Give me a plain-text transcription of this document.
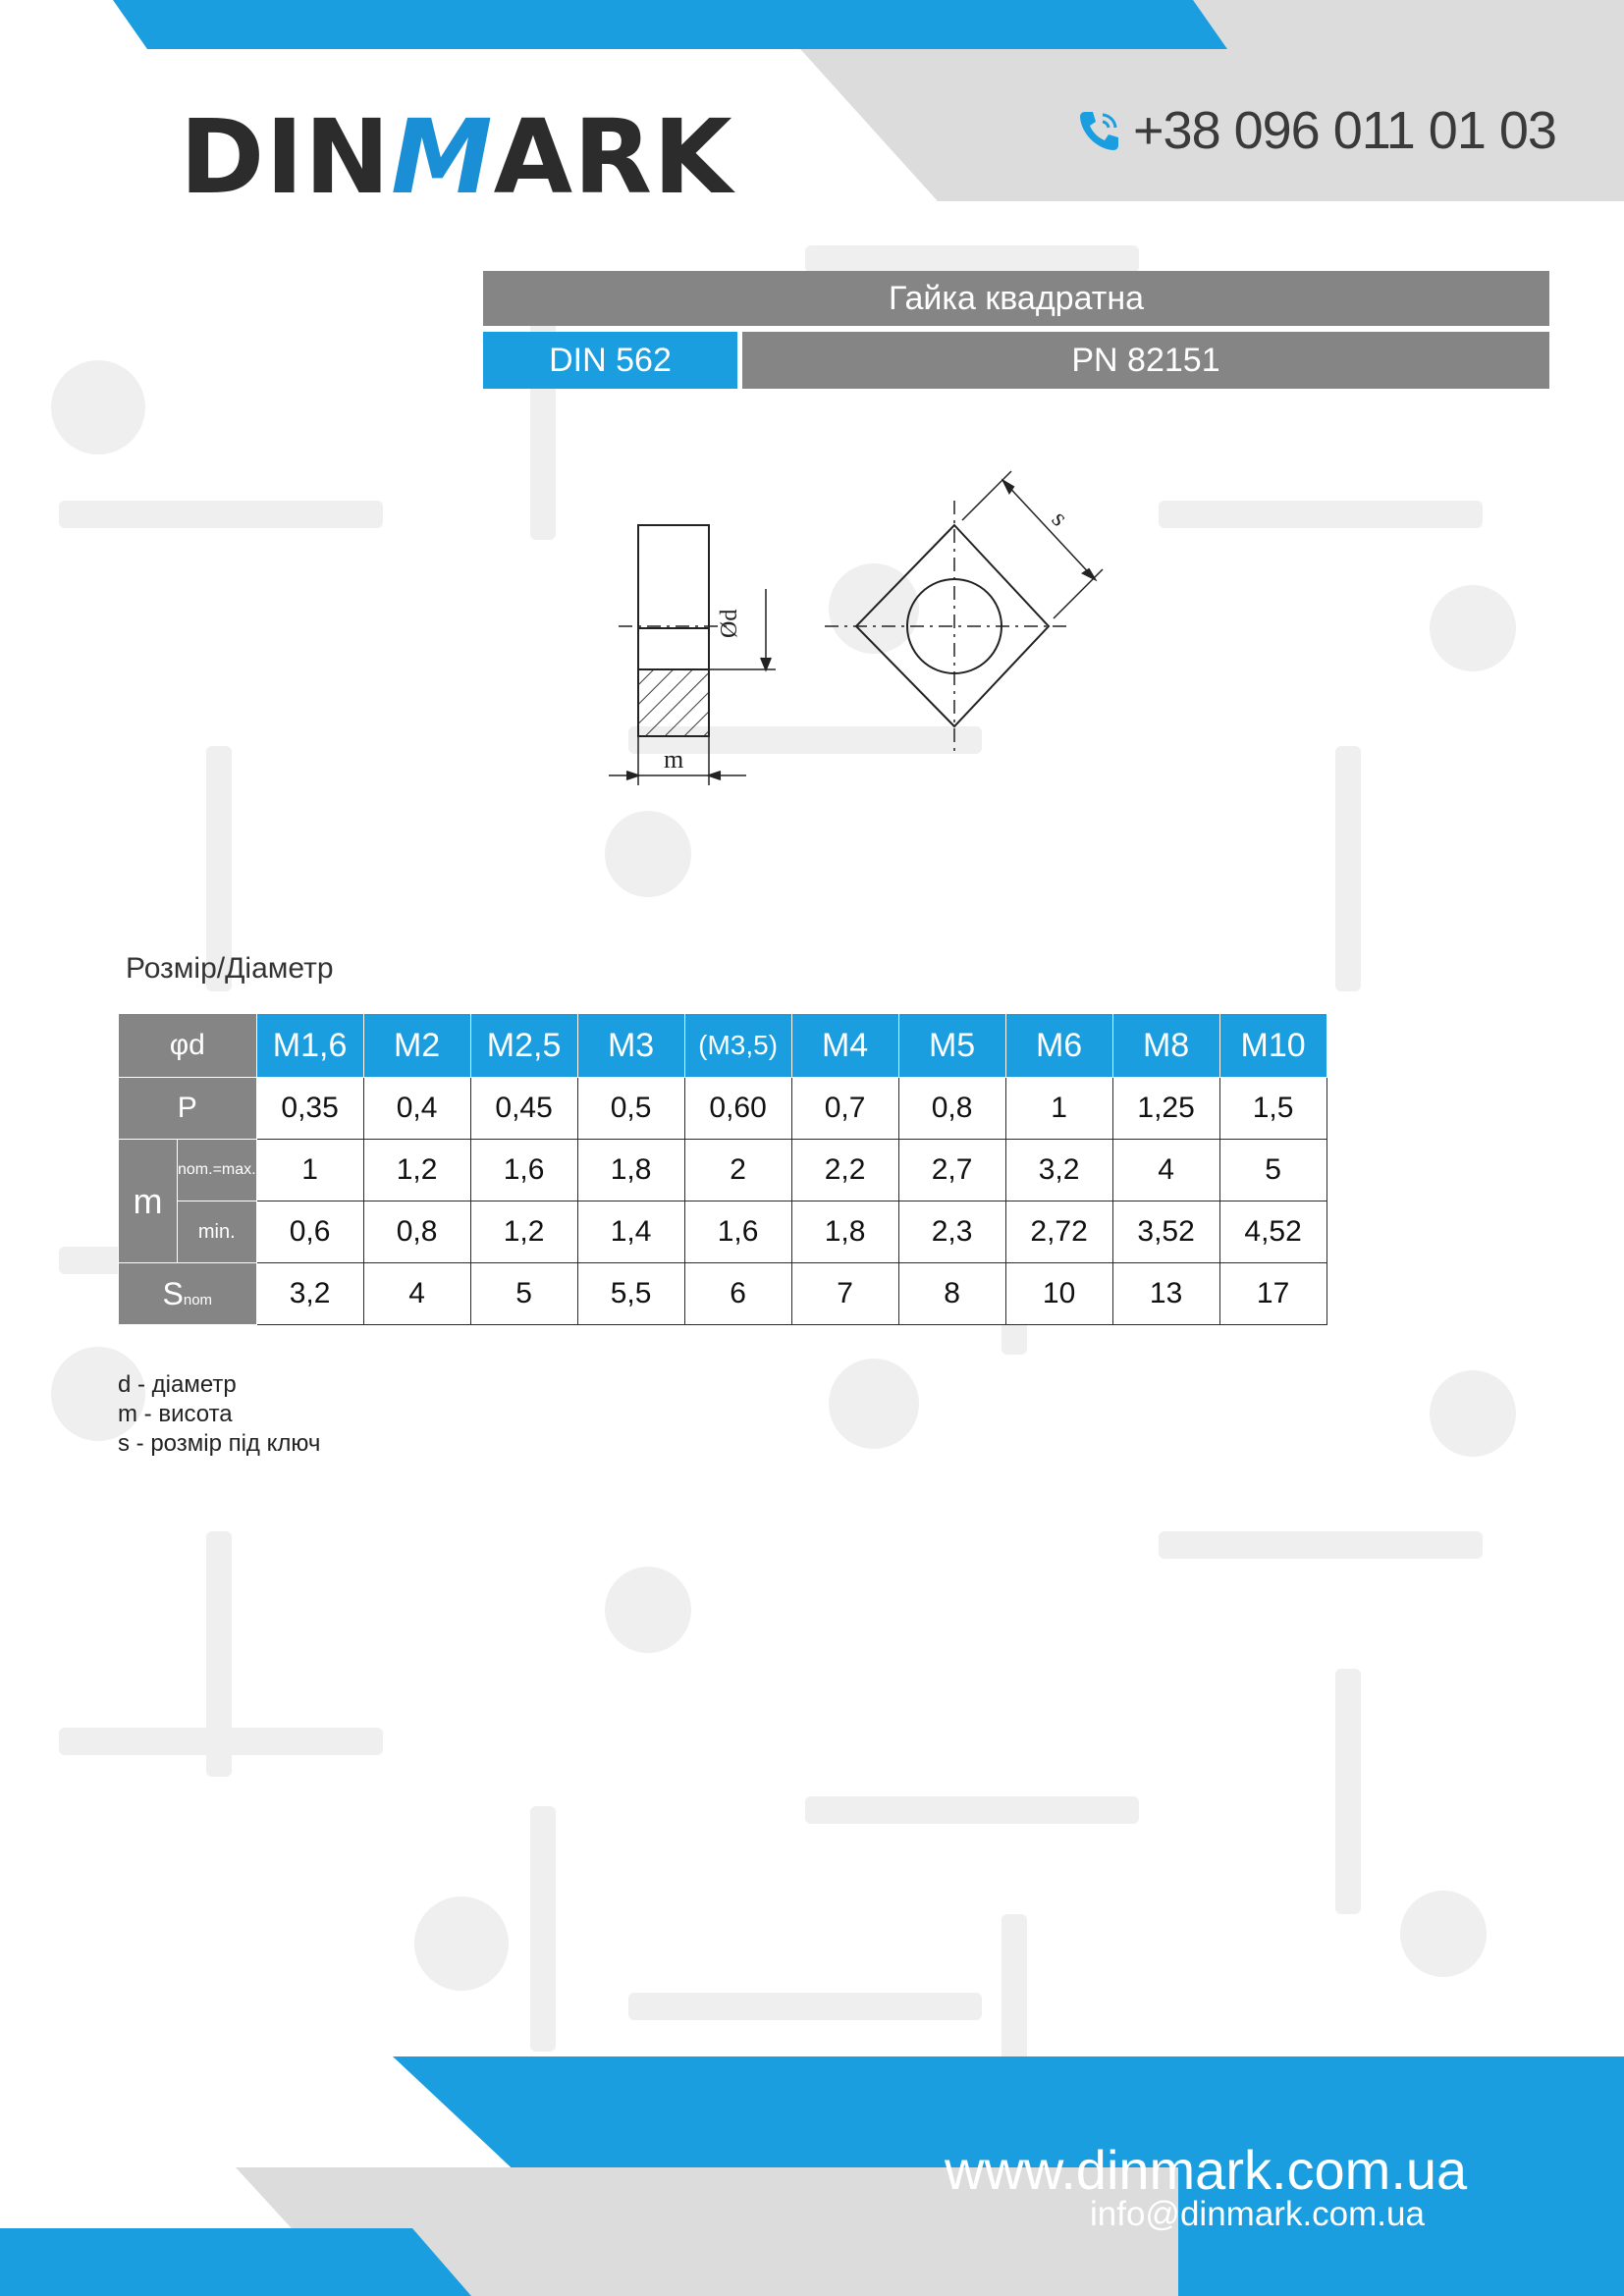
DINMARK	+38 096 011 01 03
Гайка квадратна
DIN 562	PN 82151
Ød
m
s
Розмір/Діаметр
φd		M1,6	M2	M2,5	M3	(M3,5)	M4	M5	M6	M8	M10
P		0,35	0,4	0,45	0,5	0,60	0,7	0,8	1	1,25	1,5
m	nom.=max.	1	1,2	1,6	1,8	2	2,2	2,7	3,2	4	5
	min.	0,6	0,8	1,2	1,4	1,6	1,8	2,3	2,72	3,52	4,52
Snom		3,2	4	5	5,5	6	7	8	10	13	17
d - діаметр
m - висота
s - розмір під ключ
www.dinmark.com.ua
info@dinmark.com.ua
